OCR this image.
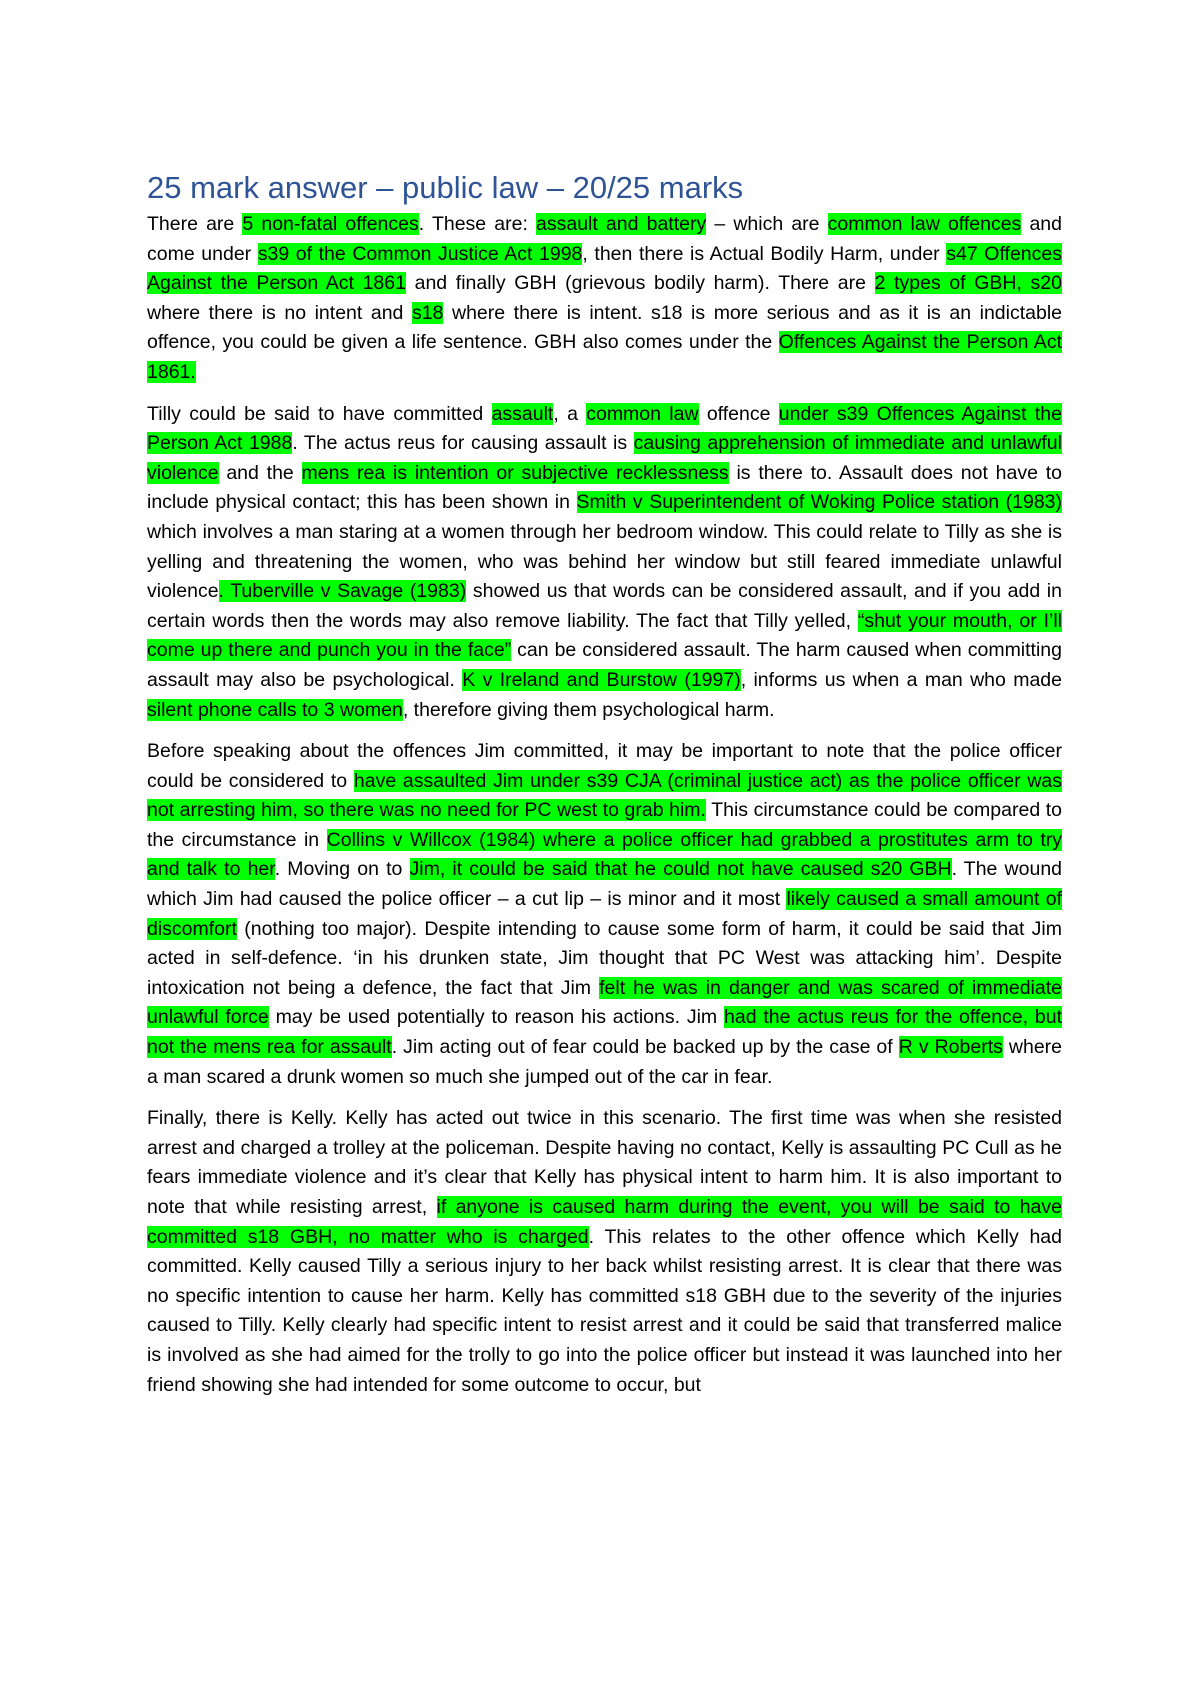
25 mark answer – public law – 20/25 marks

There are 5 non-fatal offences. These are: assault and battery – which are common law offences and come under s39 of the Common Justice Act 1998, then there is Actual Bodily Harm, under s47 Offences Against the Person Act 1861 and finally GBH (grievous bodily harm). There are 2 types of GBH, s20 where there is no intent and s18 where there is intent. s18 is more serious and as it is an indictable offence, you could be given a life sentence. GBH also comes under the Offences Against the Person Act 1861.

Tilly could be said to have committed assault, a common law offence under s39 Offences Against the Person Act 1988. The actus reus for causing assault is causing apprehension of immediate and unlawful violence and the mens rea is intention or subjective recklessness is there to. Assault does not have to include physical contact; this has been shown in Smith v Superintendent of Woking Police station (1983) which involves a man staring at a women through her bedroom window. This could relate to Tilly as she is yelling and threatening the women, who was behind her window but still feared immediate unlawful violence. Tuberville v Savage (1983) showed us that words can be considered assault, and if you add in certain words then the words may also remove liability. The fact that Tilly yelled, “shut your mouth, or I’ll come up there and punch you in the face” can be considered assault. The harm caused when committing assault may also be psychological. K v Ireland and Burstow (1997), informs us when a man who made silent phone calls to 3 women, therefore giving them psychological harm.

Before speaking about the offences Jim committed, it may be important to note that the police officer could be considered to have assaulted Jim under s39 CJA (criminal justice act) as the police officer was not arresting him, so there was no need for PC west to grab him. This circumstance could be compared to the circumstance in Collins v Willcox (1984) where a police officer had grabbed a prostitutes arm to try and talk to her. Moving on to Jim, it could be said that he could not have caused s20 GBH. The wound which Jim had caused the police officer – a cut lip – is minor and it most likely caused a small amount of discomfort (nothing too major). Despite intending to cause some form of harm, it could be said that Jim acted in self-defence. ‘in his drunken state, Jim thought that PC West was attacking him’. Despite intoxication not being a defence, the fact that Jim felt he was in danger and was scared of immediate unlawful force may be used potentially to reason his actions. Jim had the actus reus for the offence, but not the mens rea for assault. Jim acting out of fear could be backed up by the case of R v Roberts where a man scared a drunk women so much she jumped out of the car in fear.

Finally, there is Kelly. Kelly has acted out twice in this scenario. The first time was when she resisted arrest and charged a trolley at the policeman. Despite having no contact, Kelly is assaulting PC Cull as he fears immediate violence and it’s clear that Kelly has physical intent to harm him. It is also important to note that while resisting arrest, if anyone is caused harm during the event, you will be said to have committed s18 GBH, no matter who is charged. This relates to the other offence which Kelly had committed. Kelly caused Tilly a serious injury to her back whilst resisting arrest. It is clear that there was no specific intention to cause her harm. Kelly has committed s18 GBH due to the severity of the injuries caused to Tilly. Kelly clearly had specific intent to resist arrest and it could be said that transferred malice is involved as she had aimed for the trolly to go into the police officer but instead it was launched into her friend showing she had intended for some outcome to occur, but
